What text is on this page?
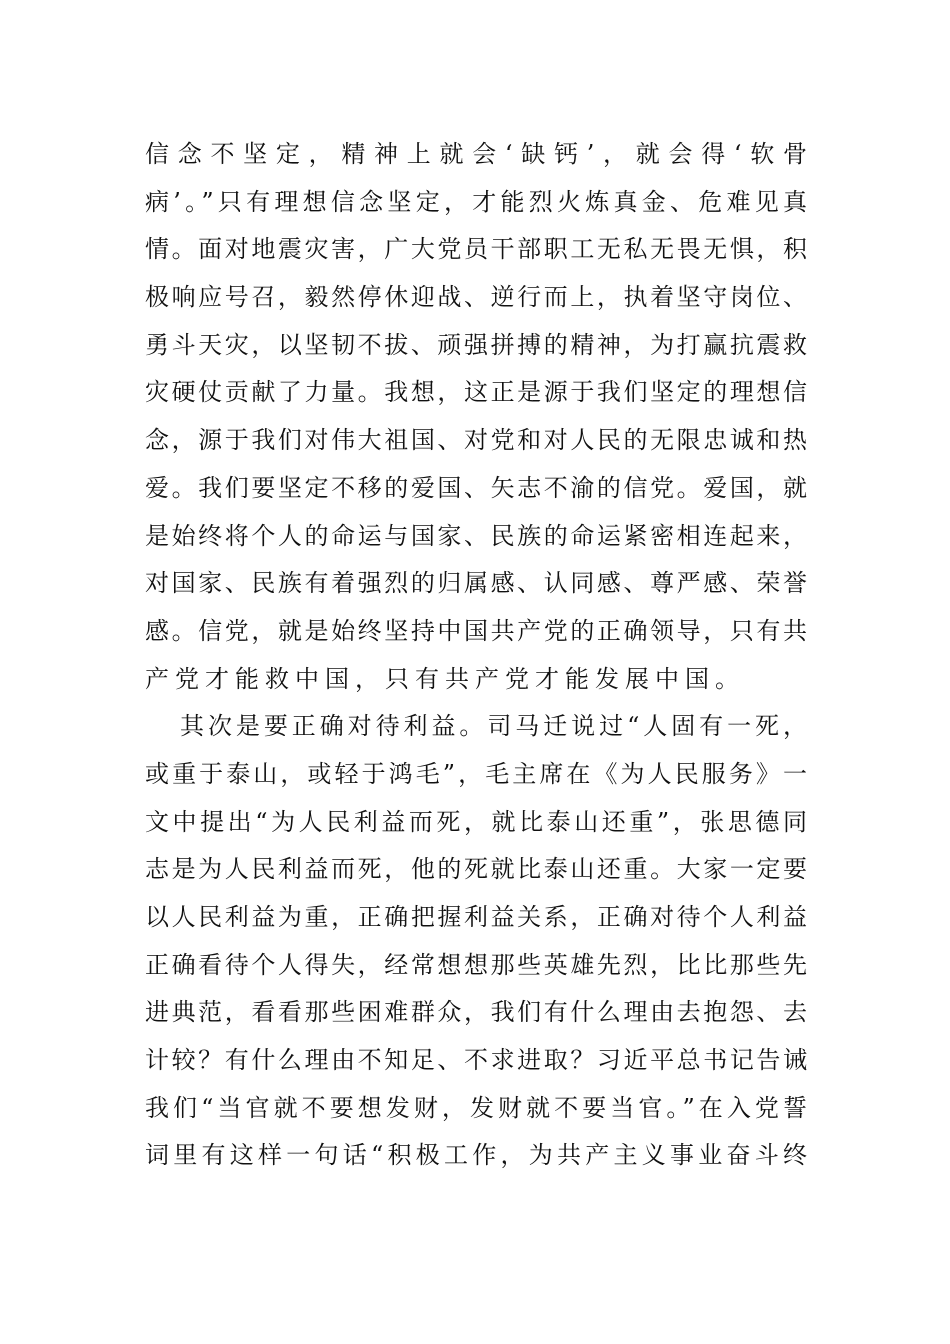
信念不坚定，精神上就会‘缺钙’，就会得‘软骨
病’。”只有理想信念坚定，才能烈火炼真金、危难见真
情。面对地震灾害，广大党员干部职工无私无畏无惧，积
极响应号召，毅然停休迎战、逆行而上，执着坚守岗位、
勇斗天灾，以坚韧不拔、顽强拼搏的精神，为打赢抗震救
灾硬仗贡献了力量。我想，这正是源于我们坚定的理想信
念，源于我们对伟大祖国、对党和对人民的无限忠诚和热
爱。我们要坚定不移的爱国、矢志不渝的信党。爱国，就
是始终将个人的命运与国家、民族的命运紧密相连起来，
对国家、民族有着强烈的归属感、认同感、尊严感、荣誉
感。信党，就是始终坚持中国共产党的正确领导，只有共
产党才能救中国，只有共产党才能发展中国。
其次是要正确对待利益。司马迁说过“人固有一死，
或重于泰山，或轻于鸿毛”，毛主席在《为人民服务》一
文中提出“为人民利益而死，就比泰山还重”，张思德同
志是为人民利益而死，他的死就比泰山还重。大家一定要
以人民利益为重，正确把握利益关系，正确对待个人利益
正确看待个人得失，经常想想那些英雄先烈，比比那些先
进典范，看看那些困难群众，我们有什么理由去抱怨、去
计较？有什么理由不知足、不求进取？习近平总书记告诫
我们“当官就不要想发财，发财就不要当官。”在入党誓
词里有这样一句话“积极工作，为共产主义事业奋斗终
